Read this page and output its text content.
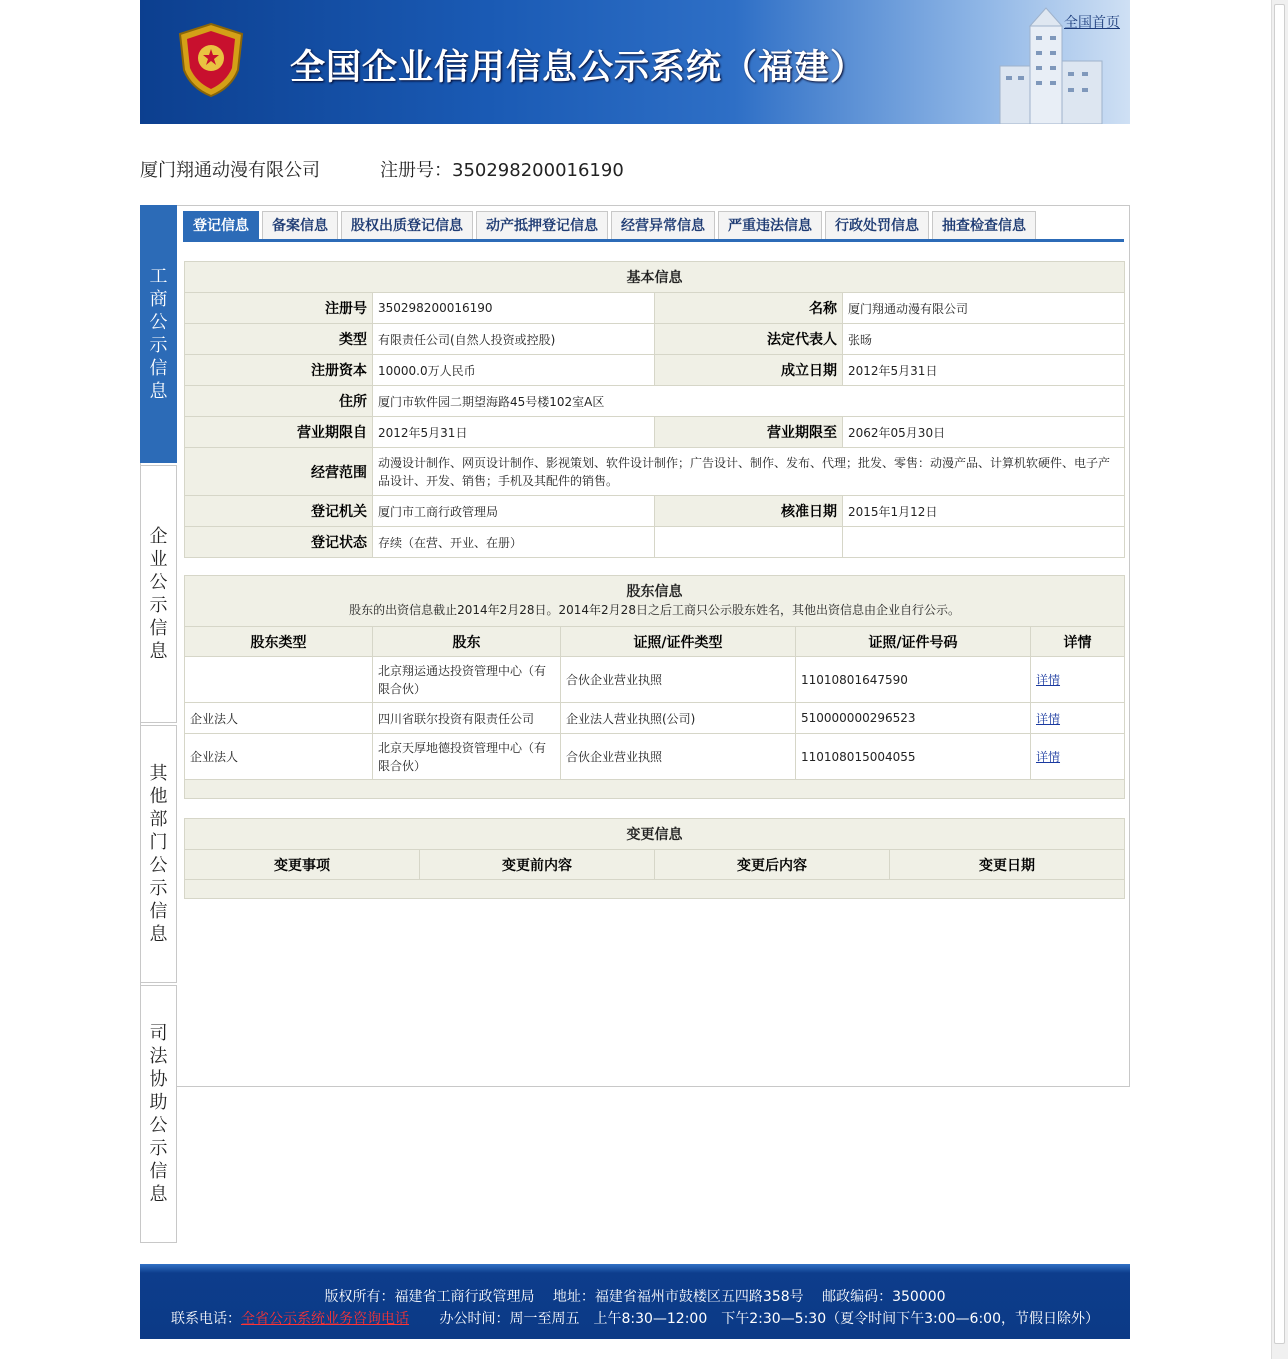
全国企业信用信息公示系统（福建）
全国首页
厦门翔通动漫有限公司	注册号：350298200016190
工商公示信息
企业公示信息
其他部门公示信息
司法协助公示信息
登记信息	备案信息	股权出质登记信息	动产抵押登记信息	经营异常信息	严重违法信息	行政处罚信息	抽查检查信息
基本信息			
注册号	350298200016190	名称	厦门翔通动漫有限公司
类型	有限责任公司(自然人投资或控股)	法定代表人	张旸
注册资本	10000.0万人民币	成立日期	2012年5月31日
住所	厦门市软件园二期望海路45号楼102室A区		
营业期限自	2012年5月31日	营业期限至	2062年05月30日
经营范围	动漫设计制作、网页设计制作、影视策划、软件设计制作；广告设计、制作、发布、代理；批发、零售：动漫产品、计算机软硬件、电子产品设计、开发、销售；手机及其配件的销售。		
登记机关	厦门市工商行政管理局	核准日期	2015年1月12日
登记状态	存续（在营、开业、在册）		
股东信息
股东的出资信息截止2014年2月28日。2014年2月28日之后工商只公示股东姓名，其他出资信息由企业自行公示。				

股东类型	股东	证照/证件类型	证照/证件号码	详情
	北京翔运通达投资管理中心（有限合伙）	合伙企业营业执照	110108016475​90	详情
企业法人	四川省联尔投资有限责任公司	企业法人营业执照(公司)	510000000296523	详情
企业法人	北京天厚地德投资管理中心（有限合伙）	合伙企业营业执照	110108015004055	详情

变更信息
变更事项	变更前内容	变更后内容	变更日期

版权所有：福建省工商行政管理局 地址：福建省福州市鼓楼区五四路358号 邮政编码：350000
联系电话：全省公示系统业务咨询电话 办公时间：周一至周五　上午8:30—12:00　下午2:30—5:30（夏令时间下午3:00—6:00，节假日除外）
